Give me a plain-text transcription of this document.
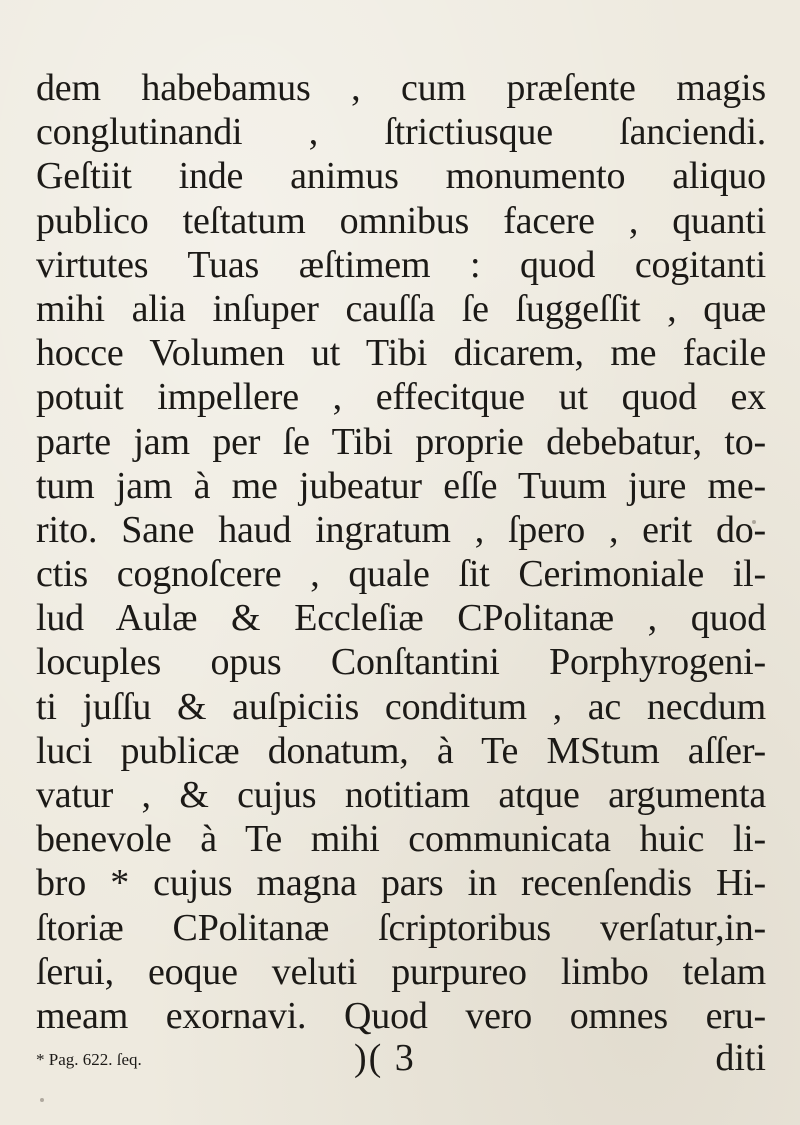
dem habebamus , cum præſente magis
conglutinandi , ſtrictiusque ſanciendi.
Geſtiit inde animus monumento aliquo
publico teſtatum omnibus facere , quanti
virtutes Tuas æſtimem : quod cogitanti
mihi alia inſuper cauſſa ſe ſuggeſſit , quæ
hocce Volumen ut Tibi dicarem, me facile
potuit impellere , effecitque ut quod ex
parte jam per ſe Tibi proprie debebatur, to-
tum jam à me jubeatur eſſe Tuum jure me-
rito. Sane haud ingratum , ſpero , erit do-
ctis cognoſcere , quale ſit Cerimoniale il-
lud Aulæ & Eccleſiæ CPolitanæ , quod
locuples opus Conſtantini Porphyrogeni-
ti juſſu & auſpiciis conditum , ac necdum
luci publicæ donatum, à Te MStum aſſer-
vatur , & cujus notitiam atque argumenta
benevole à Te mihi communicata huic li-
bro * cujus magna pars in recenſendis Hi-
ſtoriæ CPolitanæ ſcriptoribus verſatur,in-
ſerui, eoque veluti purpureo limbo telam
meam exornavi. Quod vero omnes eru-
* Pag. 622. ſeq.	)( 3	diti
